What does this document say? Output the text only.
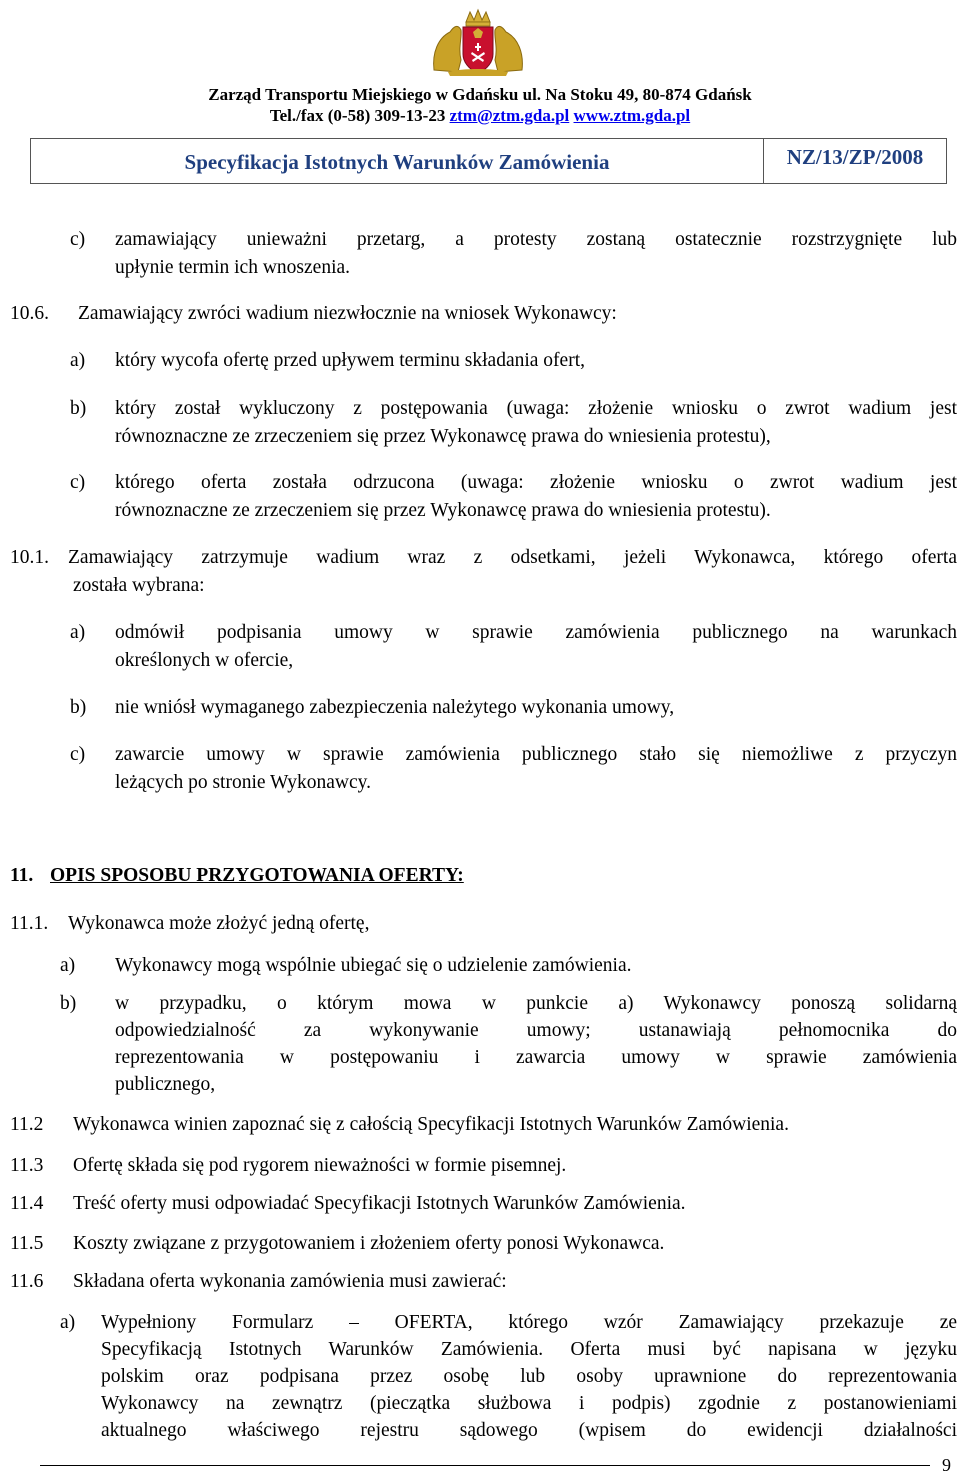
Zarząd Transportu Miejskiego w Gdańsku ul. Na Stoku 49, 80-874 Gdańsk
Tel./fax (0-58) 309-13-23 ztm@ztm.gda.pl www.ztm.gda.pl
Specyfikacja Istotnych Warunków Zamówienia	NZ/13/ZP/2008
c) zamawiający unieważni przetarg, a protesty zostaną ostatecznie rozstrzygnięte lub
upłynie termin ich wnoszenia.
10.6. Zamawiający zwróci wadium niezwłocznie na wniosek Wykonawcy:
a) który wycofa ofertę przed upływem terminu składania ofert,
b) który został wykluczony z postępowania (uwaga: złożenie wniosku o zwrot wadium jest
równoznaczne ze zrzeczeniem się przez Wykonawcę prawa do wniesienia protestu),
c) którego oferta została odrzucona (uwaga: złożenie wniosku o zwrot wadium jest
równoznaczne ze zrzeczeniem się przez Wykonawcę prawa do wniesienia protestu).
10.1. Zamawiający zatrzymuje wadium wraz z odsetkami, jeżeli Wykonawca, którego oferta
została wybrana:
a) odmówił podpisania umowy w sprawie zamówienia publicznego na warunkach
określonych w ofercie,
b) nie wniósł wymaganego zabezpieczenia należytego wykonania umowy,
c) zawarcie umowy w sprawie zamówienia publicznego stało się niemożliwe z przyczyn
leżących po stronie Wykonawcy.
11. OPIS SPOSOBU PRZYGOTOWANIA OFERTY:
11.1. Wykonawca może złożyć jedną ofertę,
a) Wykonawcy mogą wspólnie ubiegać się o udzielenie zamówienia.
b) w przypadku, o którym mowa w punkcie a) Wykonawcy ponoszą solidarną
odpowiedzialność za wykonywanie umowy; ustanawiają pełnomocnika do
reprezentowania w postępowaniu i zawarcia umowy w sprawie zamówienia
publicznego,
11.2 Wykonawca winien zapoznać się z całością Specyfikacji Istotnych Warunków Zamówienia.
11.3 Ofertę składa się pod rygorem nieważności w formie pisemnej.
11.4 Treść oferty musi odpowiadać Specyfikacji Istotnych Warunków Zamówienia.
11.5 Koszty związane z przygotowaniem i złożeniem oferty ponosi Wykonawca.
11.6 Składana oferta wykonania zamówienia musi zawierać:
a) Wypełniony Formularz – OFERTA, którego wzór Zamawiający przekazuje ze
Specyfikacją Istotnych Warunków Zamówienia. Oferta musi być napisana w języku
polskim oraz podpisana przez osobę lub osoby uprawnione do reprezentowania
Wykonawcy na zewnątrz (pieczątka służbowa i podpis) zgodnie z postanowieniami
aktualnego właściwego rejestru sądowego (wpisem do ewidencji działalności
9
